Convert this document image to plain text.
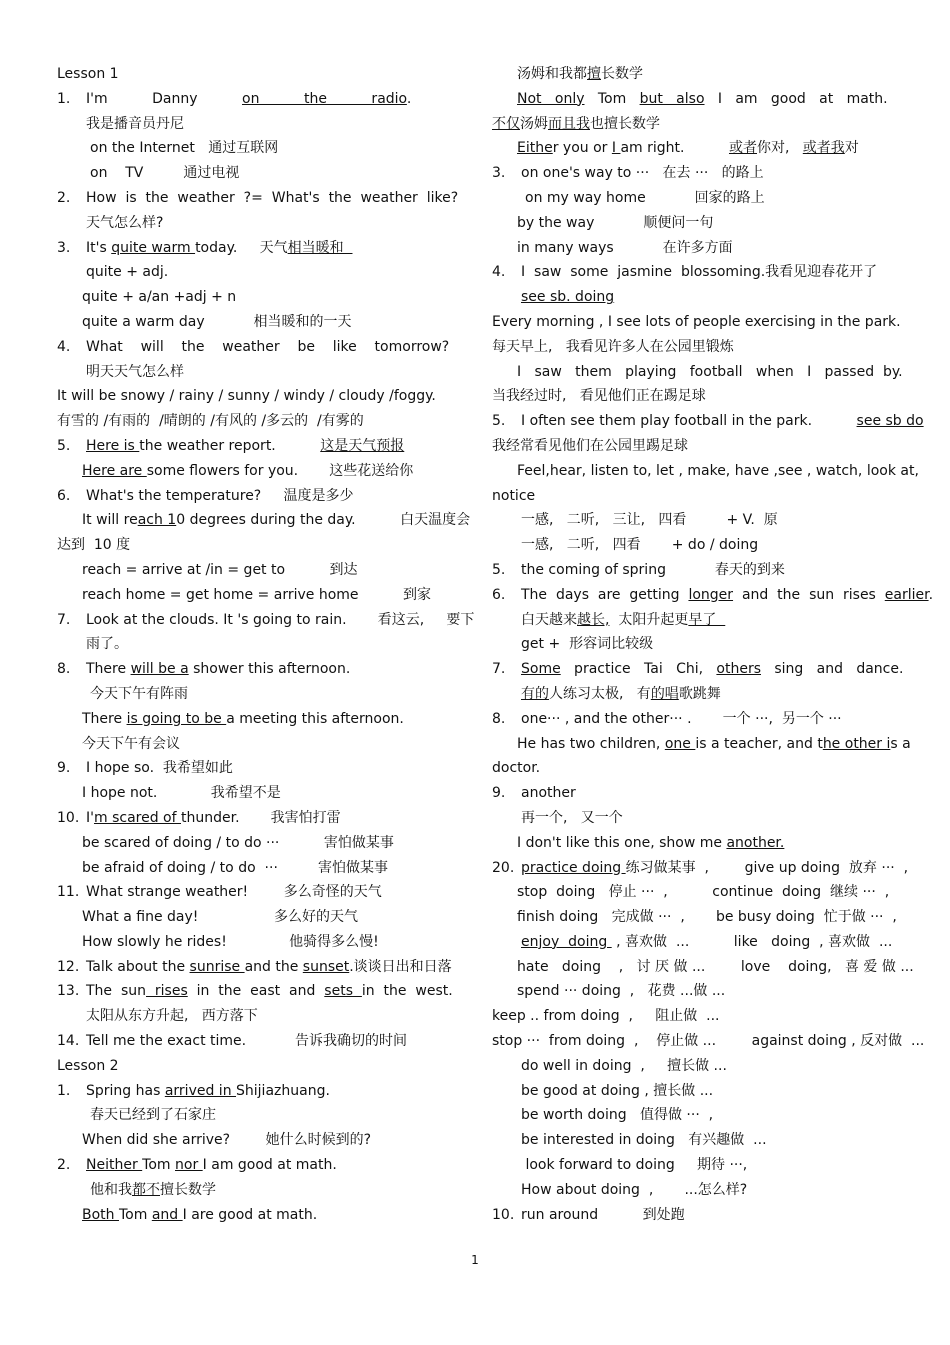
Lesson 1
1. I'm          Danny          on          the          radio.
我是播音员丹尼
on the Internet   通过互联网
on    TV         通过电视
2. How  is  the  weather  ?=  What's  the  weather  like?
天气怎么样?
3. It's quite warm today.     天气相当暖和
quite + adj.
quite + a/an +adj + n
quite a warm day           相当暖和的一天
4. What    will    the    weather    be    like    tomorrow?
明天天气怎么样
It will be snowy / rainy / sunny / windy / cloudy /foggy.
有雪的 /有雨的  /晴朗的 /有风的 /多云的  /有雾的
5. Here is the weather report.          这是天气预报
Here are some flowers for you.       这些花送给你
6. What's the temperature?     温度是多少
It will reach 10 degrees during the day.          白天温度会
达到  10 度
reach = arrive at /in = get to          到达
reach home = get home = arrive home          到家
7. Look at the clouds. It 's going to rain.       看这云,     要下
雨了。
8. There will be a shower this afternoon.
今天下午有阵雨
There is going to be a meeting this afternoon.
今天下午有会议
9. I hope so.  我希望如此
I hope not.            我希望不是
10. I'm scared of thunder.       我害怕打雷
be scared of doing / to do ···          害怕做某事
be afraid of doing / to do  ···         害怕做某事
11. What strange weather!        多么奇怪的天气
What a fine day!                 多么好的天气
How slowly he rides!              他骑得多么慢!
12. Talk about the sunrise and the sunset.谈谈日出和日落
13. The  sun  rises  in  the  east  and  sets  in  the  west.
太阳从东方升起,   西方落下
14. Tell me the exact time.           告诉我确切的时间
Lesson 2
1. Spring has arrived in Shijiazhuang.
春天已经到了石家庄
When did she arrive?        她什么时候到的?
2. Neither Tom nor I am good at math.
他和我都不擅长数学
Both Tom and I are good at math.
汤姆和我都擅长数学
Not   only   Tom   but   also   I   am   good   at   math.
不仅汤姆而且我也擅长数学
Either you or I am right.          或者你对,   或者我对
3. on one's way to ···   在去 ···   的路上
on my way home           回家的路上
by the way           顺便问一句
in many ways           在许多方面
4. I  saw  some  jasmine  blossoming.我看见迎春花开了
see sb. doing
Every morning , I see lots of people exercising in the park.
每天早上,   我看见许多人在公园里锻炼
I   saw   them   playing   football   when   I   passed  by.
当我经过时,   看见他们正在踢足球
5. I often see them play football in the park.          see sb do
我经常看见他们在公园里踢足球
Feel,hear, listen to, let , make, have ,see , watch, look at,
notice
一感,   二听,   三让,   四看         + V.  原
一感,   二听,   四看       + do / doing
5. the coming of spring           春天的到来
6. The  days  are  getting  longer  and  the  sun  rises  earlier.
白天越来越长,  太阳升起更早了
get +  形容词比较级
7. Some   practice   Tai   Chi,   others   sing   and   dance.
有的人练习太极,   有的唱歌跳舞
8. one··· , and the other··· .       一个 ···,  另一个 ···
He has two children, one is a teacher, and the other is a
doctor.
9. another
再一个,   又一个
I don't like this one, show me another.
20. practice doing 练习做某事  ,        give up doing  放弃 ···  ,
stop  doing   停止 ···  ,          continue  doing  继续 ···  ,
finish doing   完成做 ···  ,       be busy doing  忙于做 ···  ,
enjoy  doing  , 喜欢做  ...          like   doing  , 喜欢做  ...
hate   doing    ,   讨 厌 做 ...        love    doing,   喜 爱 做 ...
spend ··· doing  ,   花费 ...做 ...
keep .. from doing  ,     阻止做  ...
stop ···  from doing  ,    停止做 ...        against doing , 反对做  ...
do well in doing  ,     擅长做 ...
be good at doing , 擅长做 ...
be worth doing   值得做 ···  ,
be interested in doing   有兴趣做  ...
look forward to doing     期待 ···,
How about doing  ,       ...怎么样?
10. run around          到处跑
1
